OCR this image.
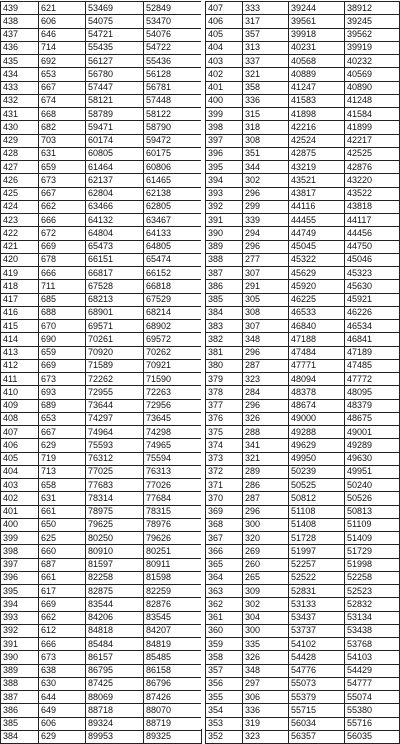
439	621	53469	52849
438	606	54075	53470
437	646	54721	54076
436	714	55435	54722
435	692	56127	55436
434	653	56780	56128
433	667	57447	56781
432	674	58121	57448
431	668	58789	58122
430	682	59471	58790
429	703	60174	59472
428	631	60805	60175
427	659	61464	60806
426	673	62137	61465
425	667	62804	62138
424	662	63466	62805
423	666	64132	63467
422	672	64804	64133
421	669	65473	64805
420	678	66151	65474
419	666	66817	66152
418	711	67528	66818
417	685	68213	67529
416	688	68901	68214
415	670	69571	68902
414	690	70261	69572
413	659	70920	70262
412	669	71589	70921
411	673	72262	71590
410	693	72955	72263
409	689	73644	72956
408	653	74297	73645
407	667	74964	74298
406	629	75593	74965
405	719	76312	75594
404	713	77025	76313
403	658	77683	77026
402	631	78314	77684
401	661	78975	78315
400	650	79625	78976
399	625	80250	79626
398	660	80910	80251
397	687	81597	80911
396	661	82258	81598
395	617	82875	82259
394	669	83544	82876
393	662	84206	83545
392	612	84818	84207
391	666	85484	84819
390	673	86157	85485
389	638	86795	86158
388	630	87425	86796
387	644	88069	87426
386	649	88718	88070
385	606	89324	88719
384	629	89953	89325
407	333	39244	38912
406	317	39561	39245
405	357	39918	39562
404	313	40231	39919
403	337	40568	40232
402	321	40889	40569
401	358	41247	40890
400	336	41583	41248
399	315	41898	41584
398	318	42216	41899
397	308	42524	42217
396	351	42875	42525
395	344	43219	42876
394	302	43521	43220
393	296	43817	43522
392	299	44116	43818
391	339	44455	44117
390	294	44749	44456
389	296	45045	44750
388	277	45322	45046
387	307	45629	45323
386	291	45920	45630
385	305	46225	45921
384	308	46533	46226
383	307	46840	46534
382	348	47188	46841
381	296	47484	47189
380	287	47771	47485
379	323	48094	47772
378	284	48378	48095
377	296	48674	48379
376	326	49000	48675
375	288	49288	49001
374	341	49629	49289
373	321	49950	49630
372	289	50239	49951
371	286	50525	50240
370	287	50812	50526
369	296	51108	50813
368	300	51408	51109
367	320	51728	51409
366	269	51997	51729
365	260	52257	51998
364	265	52522	52258
363	309	52831	52523
362	302	53133	52832
361	304	53437	53134
360	300	53737	53438
359	335	54102	53768
358	326	54428	54103
357	348	54776	54429
356	297	55073	54777
355	306	55379	55074
354	336	55715	55380
353	319	56034	55716
352	323	56357	56035
